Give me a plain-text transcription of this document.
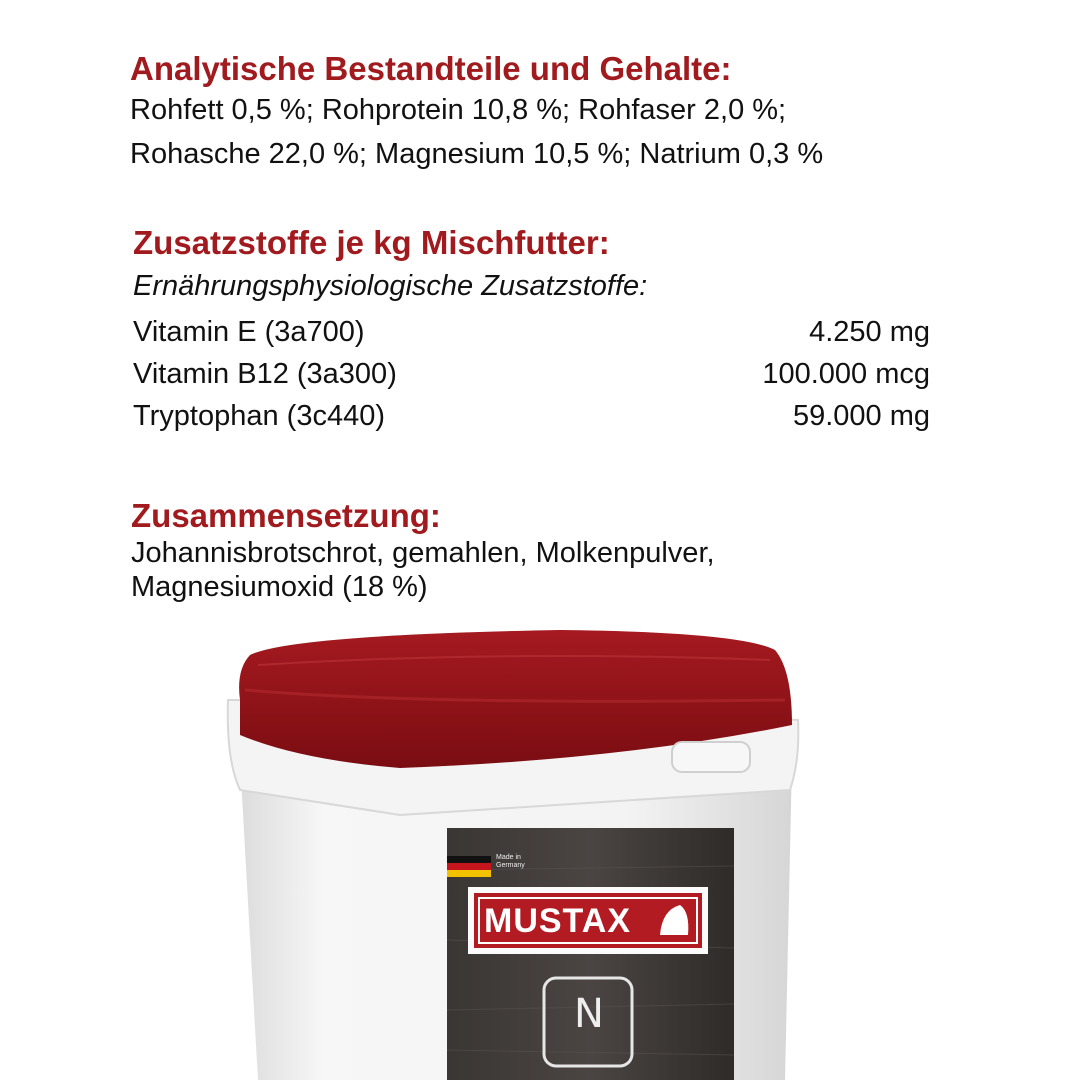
Analytische Bestandteile und Gehalte:

Rohfett 0,5 %; Rohprotein 10,8 %; Rohfaser 2,0 %;

Rohasche 22,0 %; Magnesium 10,5 %; Natrium 0,3 %

Zusatzstoffe je kg Mischfutter:

Ernährungsphysiologische Zusatzstoffe:

Vitamin E (3a700)	4.250 mg
Vitamin B12 (3a300)	100.000 mcg
Tryptophan (3c440)	59.000 mg
Zusammensetzung:

Johannisbrotschrot, gemahlen, Molkenpulver,

Magnesiumoxid (18 %)

Made in
Germany
MUSTAX
N
